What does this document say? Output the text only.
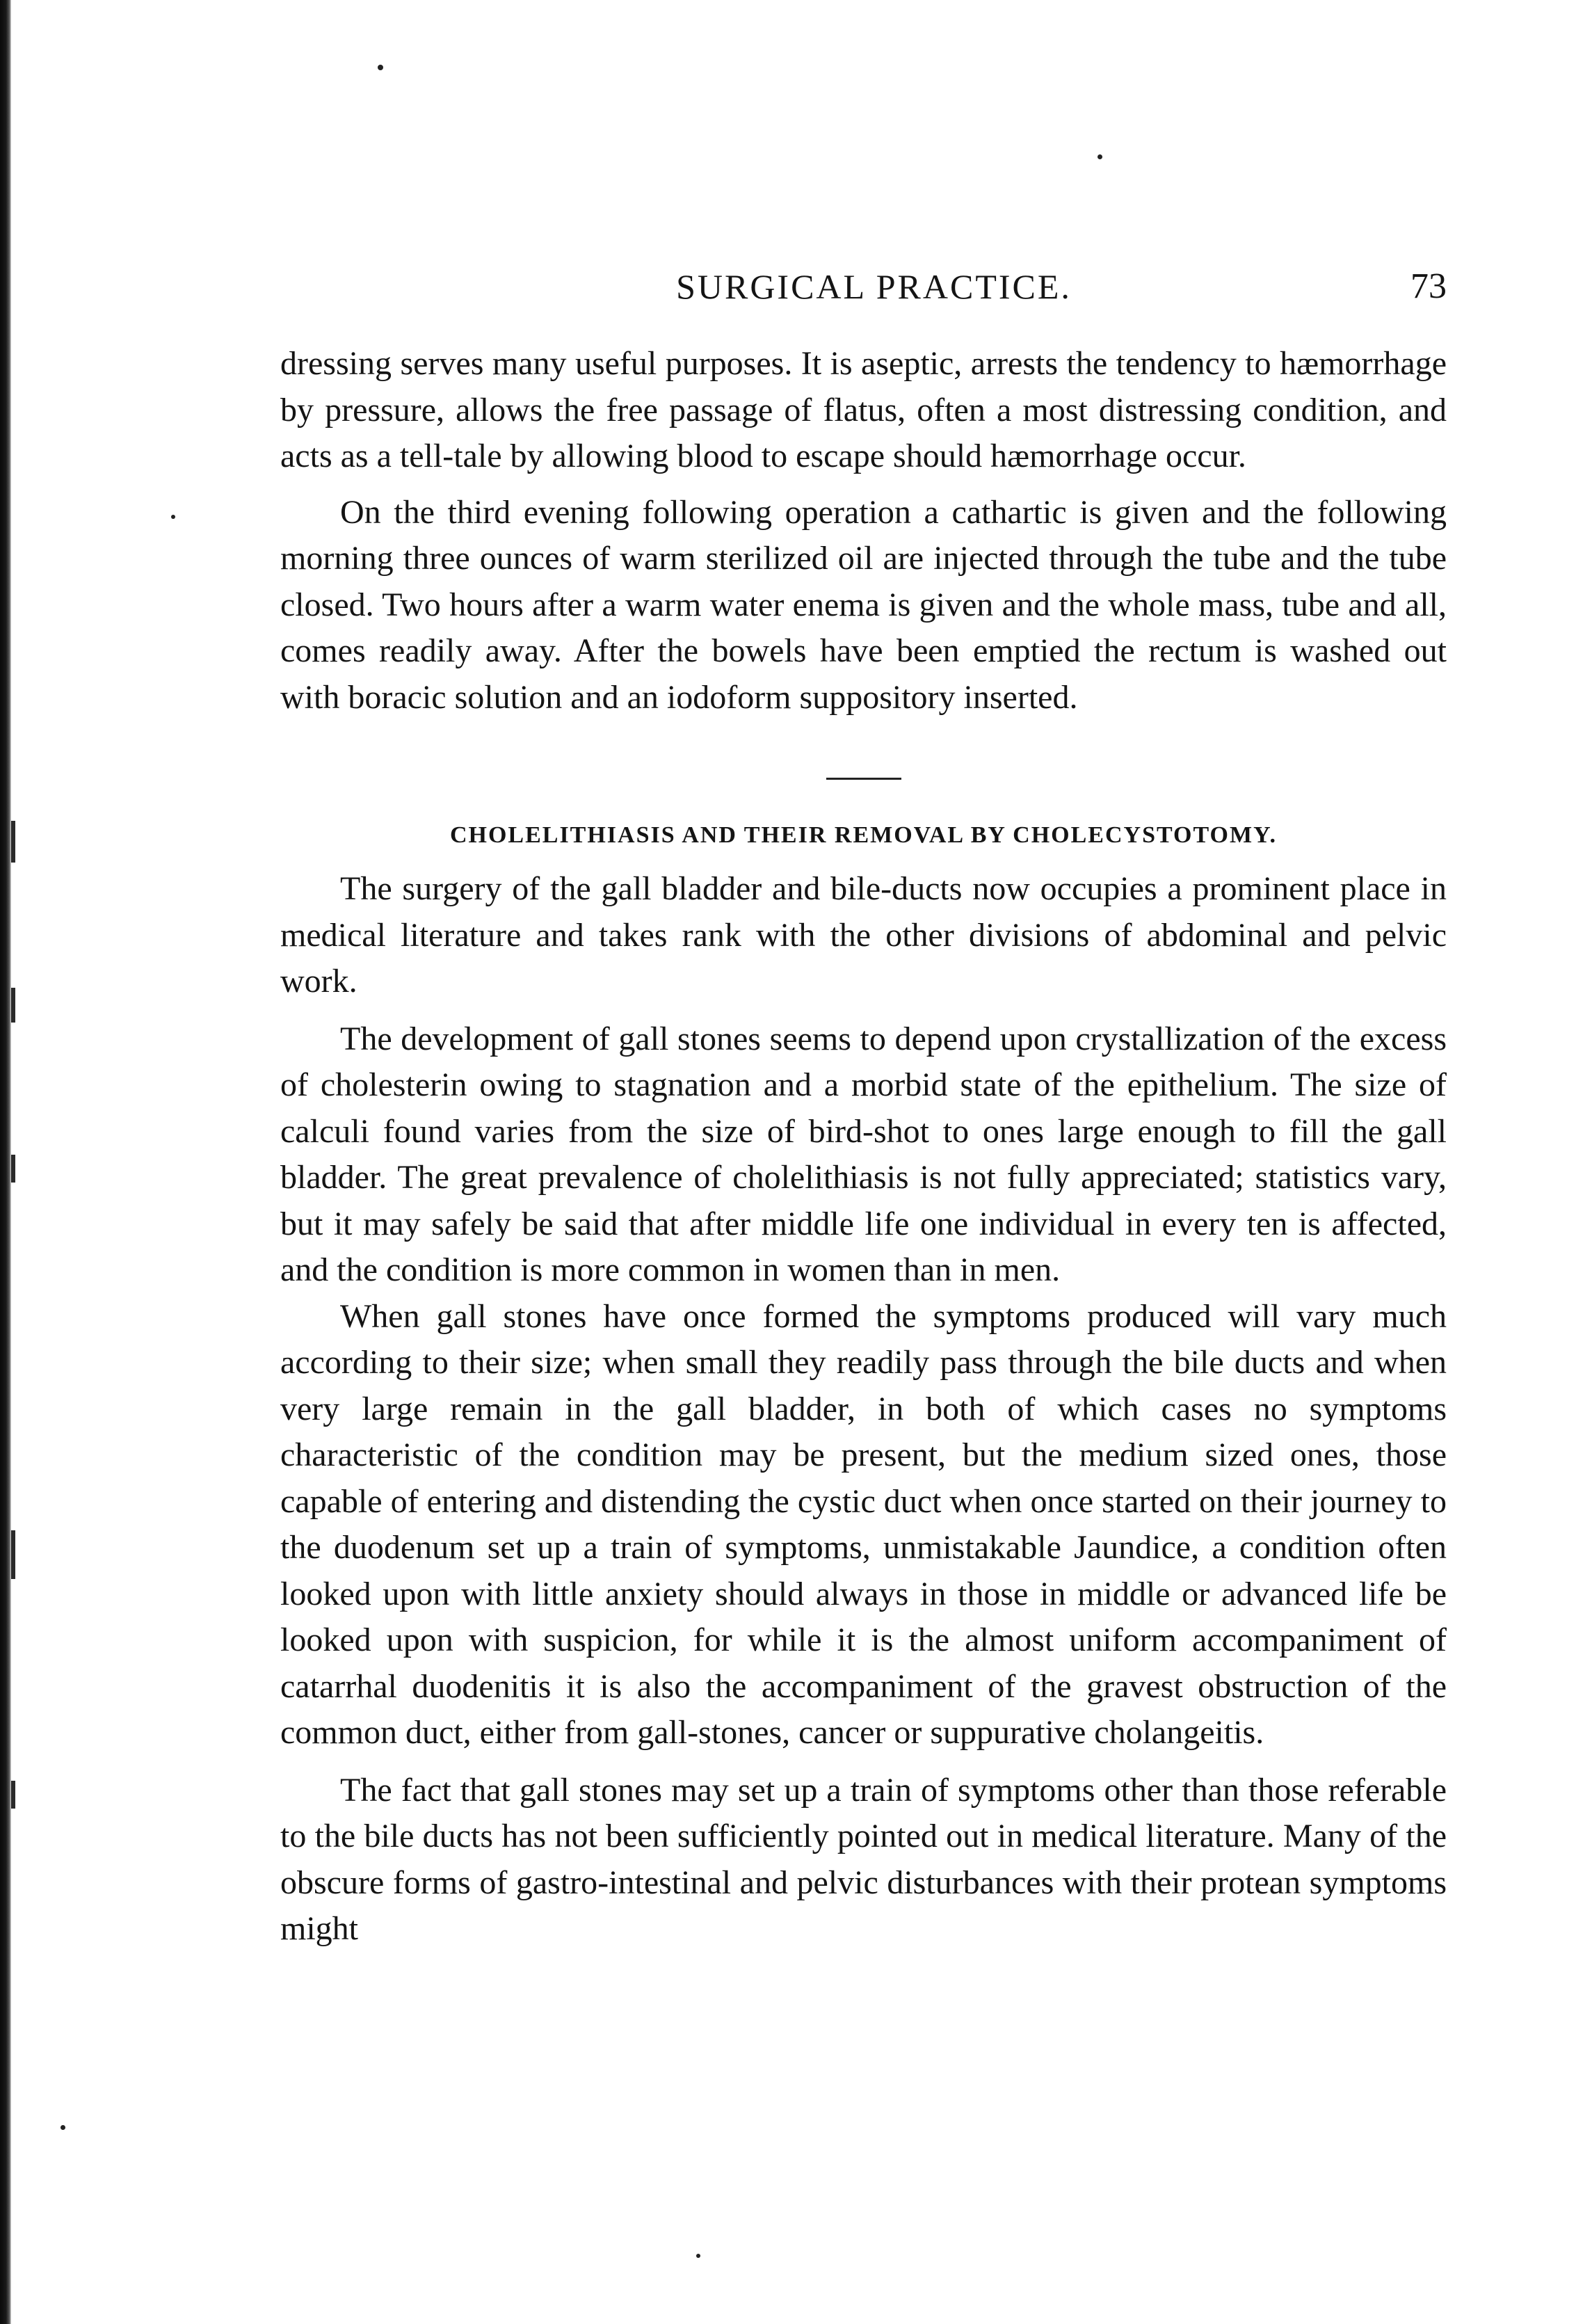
SURGICAL PRACTICE.	73

dressing serves many useful purposes. It is aseptic, arrests the tendency to hæmorrhage by pressure, allows the free passage of flatus, often a most distressing condition, and acts as a tell-tale by allowing blood to escape should hæmorrhage occur.

On the third evening following operation a cathartic is given and the following morning three ounces of warm sterilized oil are injected through the tube and the tube closed. Two hours after a warm water enema is given and the whole mass, tube and all, comes readily away. After the bowels have been emptied the rectum is washed out with boracic solution and an iodoform suppository inserted.

CHOLELITHIASIS AND THEIR REMOVAL BY CHOLECYSTOTOMY.

The surgery of the gall bladder and bile-ducts now occupies a prominent place in medical literature and takes rank with the other divisions of abdominal and pelvic work.

The development of gall stones seems to depend upon crystallization of the excess of cholesterin owing to stagnation and a morbid state of the epithelium. The size of calculi found varies from the size of bird-shot to ones large enough to fill the gall bladder. The great prevalence of cholelithiasis is not fully appreciated; statistics vary, but it may safely be said that after middle life one individual in every ten is affected, and the condition is more common in women than in men.

When gall stones have once formed the symptoms produced will vary much according to their size; when small they readily pass through the bile ducts and when very large remain in the gall bladder, in both of which cases no symptoms characteristic of the condition may be present, but the medium sized ones, those capable of entering and distending the cystic duct when once started on their journey to the duodenum set up a train of symptoms, unmistakable Jaundice, a condition often looked upon with little anxiety should always in those in middle or advanced life be looked upon with suspicion, for while it is the almost uniform accompaniment of catarrhal duodenitis it is also the accompaniment of the gravest obstruction of the common duct, either from gall-stones, cancer or suppurative cholangeitis.

The fact that gall stones may set up a train of symptoms other than those referable to the bile ducts has not been sufficiently pointed out in medical literature. Many of the obscure forms of gastro-intestinal and pelvic disturbances with their protean symptoms might
